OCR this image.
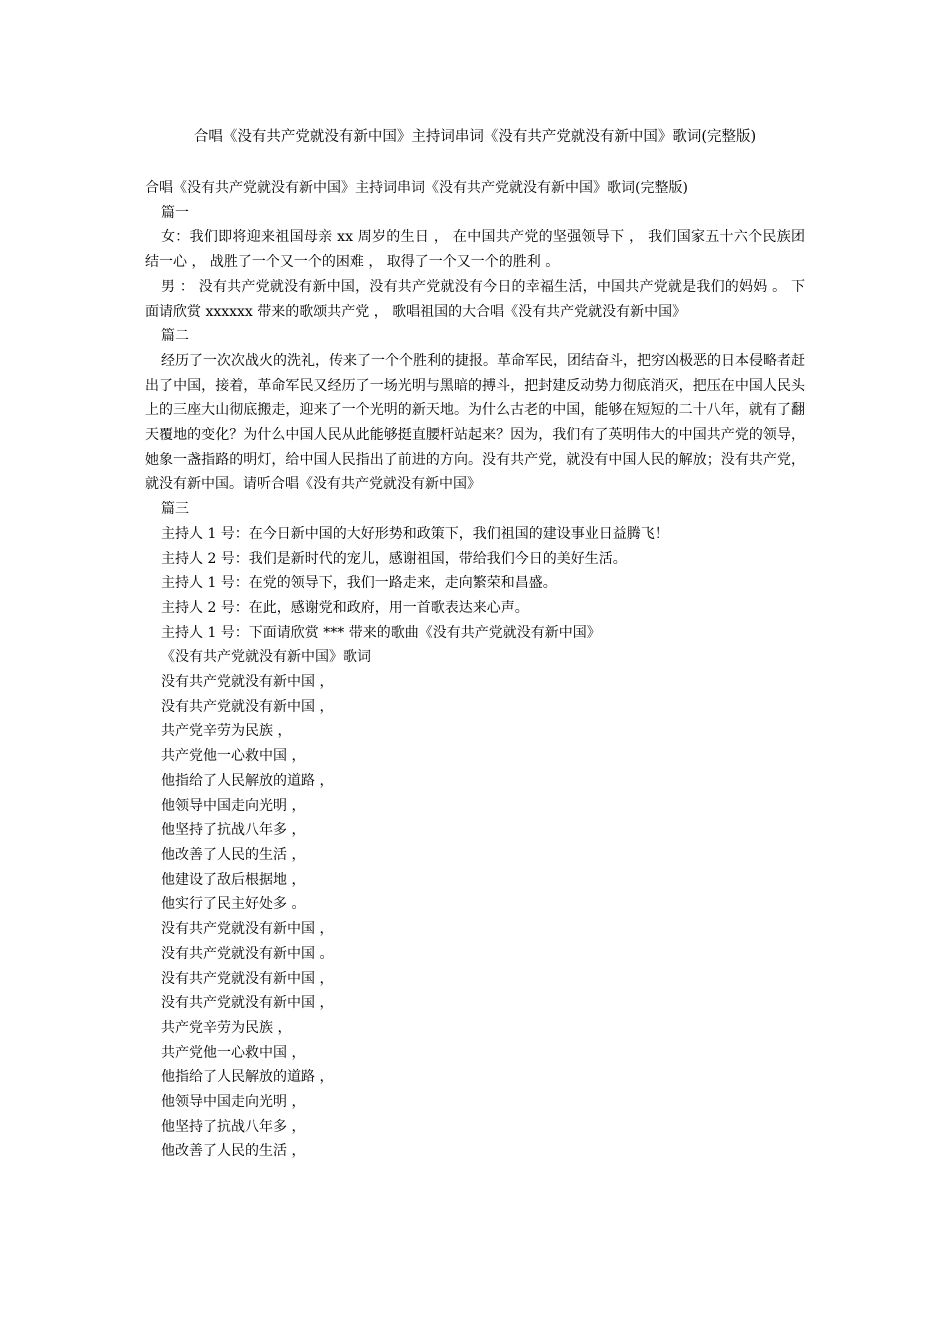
合唱《没有共产党就没有新中国》主持词串词《没有共产党就没有新中国》歌词(完整版)

合唱《没有共产党就没有新中国》主持词串词《没有共产党就没有新中国》歌词(完整版)

篇一

女：我们即将迎来祖国母亲 xx 周岁的生日 ， 在中国共产党的坚强领导下 ， 我们国家五十六个民族团结一心 ， 战胜了一个又一个的困难 ， 取得了一个又一个的胜利 。

男 ： 没有共产党就没有新中国，没有共产党就没有今日的幸福生活，中国共产党就是我们的妈妈 。 下面请欣赏 xxxxxx 带来的歌颂共产党 ， 歌唱祖国的大合唱《没有共产党就没有新中国》

篇二

经历了一次次战火的洗礼，传来了一个个胜利的捷报。革命军民，团结奋斗，把穷凶极恶的日本侵略者赶出了中国，接着，革命军民又经历了一场光明与黑暗的搏斗，把封建反动势力彻底消灭，把压在中国人民头上的三座大山彻底搬走，迎来了一个光明的新天地。为什么古老的中国，能够在短短的二十八年，就有了翻天覆地的变化？为什么中国人民从此能够挺直腰杆站起来？因为，我们有了英明伟大的中国共产党的领导，她象一盏指路的明灯，给中国人民指出了前进的方向。没有共产党，就没有中国人民的解放；没有共产党，就没有新中国。请听合唱《没有共产党就没有新中国》

篇三

主持人 1 号：在今日新中国的大好形势和政策下，我们祖国的建设事业日益腾飞！

主持人 2 号：我们是新时代的宠儿，感谢祖国，带给我们今日的美好生活。

主持人 1 号：在党的领导下，我们一路走来，走向繁荣和昌盛。

主持人 2 号：在此，感谢党和政府，用一首歌表达来心声。

主持人 1 号：下面请欣赏 *** 带来的歌曲《没有共产党就没有新中国》

《没有共产党就没有新中国》歌词

没有共产党就没有新中国 ，

没有共产党就没有新中国 ，

共产党辛劳为民族 ，

共产党他一心救中国 ，

他指给了人民解放的道路 ，

他领导中国走向光明 ，

他坚持了抗战八年多 ，

他改善了人民的生活 ，

他建设了敌后根据地 ，

他实行了民主好处多 。

没有共产党就没有新中国 ，

没有共产党就没有新中国 。

没有共产党就没有新中国 ，

没有共产党就没有新中国 ，

共产党辛劳为民族 ，

共产党他一心救中国 ，

他指给了人民解放的道路 ，

他领导中国走向光明 ，

他坚持了抗战八年多 ，

他改善了人民的生活 ，
